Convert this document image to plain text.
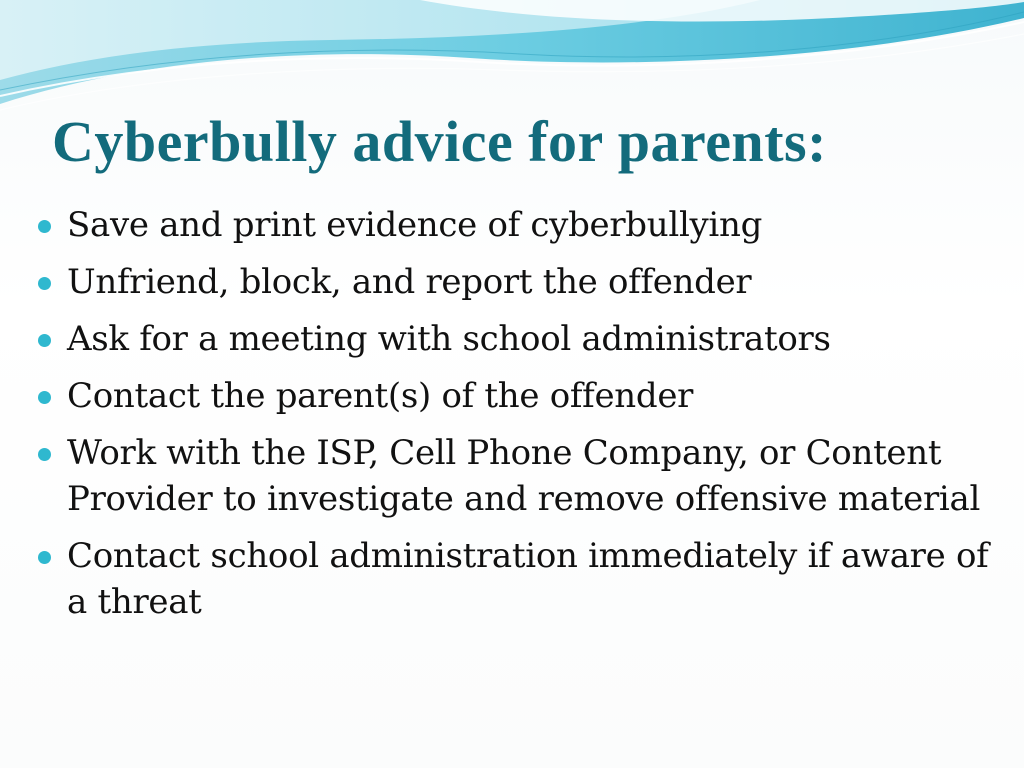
Cyberbully advice for parents:
Save and print evidence of cyberbullying
Unfriend, block, and report the offender
Ask for a meeting with school administrators
Contact the parent(s) of the offender
Work with the ISP, Cell Phone Company, or Content Provider to investigate and remove offensive material
Contact school administration immediately if aware of a threat
